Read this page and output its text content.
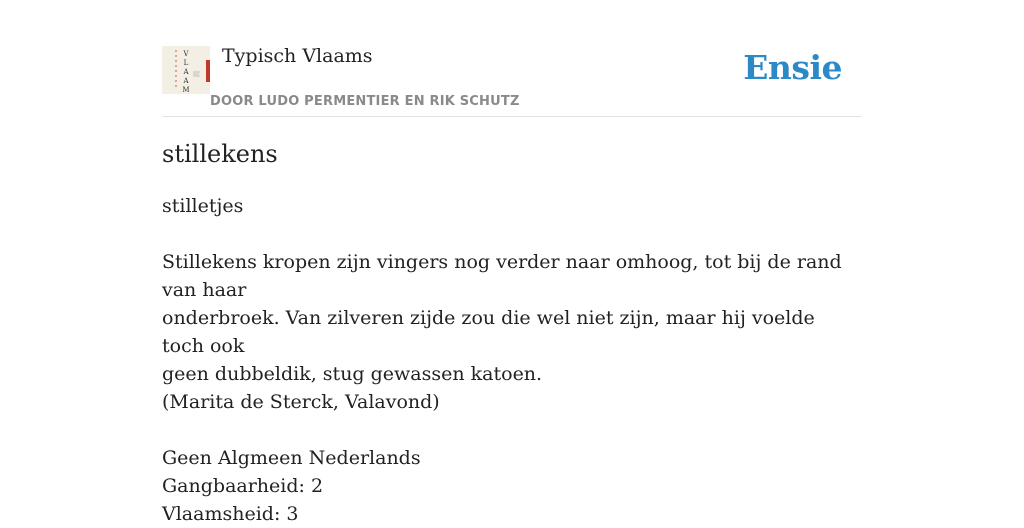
V
L
A
A
M
Typisch Vlaams
DOOR LUDO PERMENTIER EN RIK SCHUTZ
Ensie
stillekens

stilletjes

Stillekens kropen zijn vingers nog verder naar omhoog, tot bij de rand van haar

onderbroek. Van zilveren zijde zou die wel niet zijn, maar hij voelde toch ook

geen dubbeldik, stug gewassen katoen.

(Marita de Sterck, Valavond)

Geen Algmeen Nederlands

Gangbaarheid: 2

Vlaamsheid: 3
